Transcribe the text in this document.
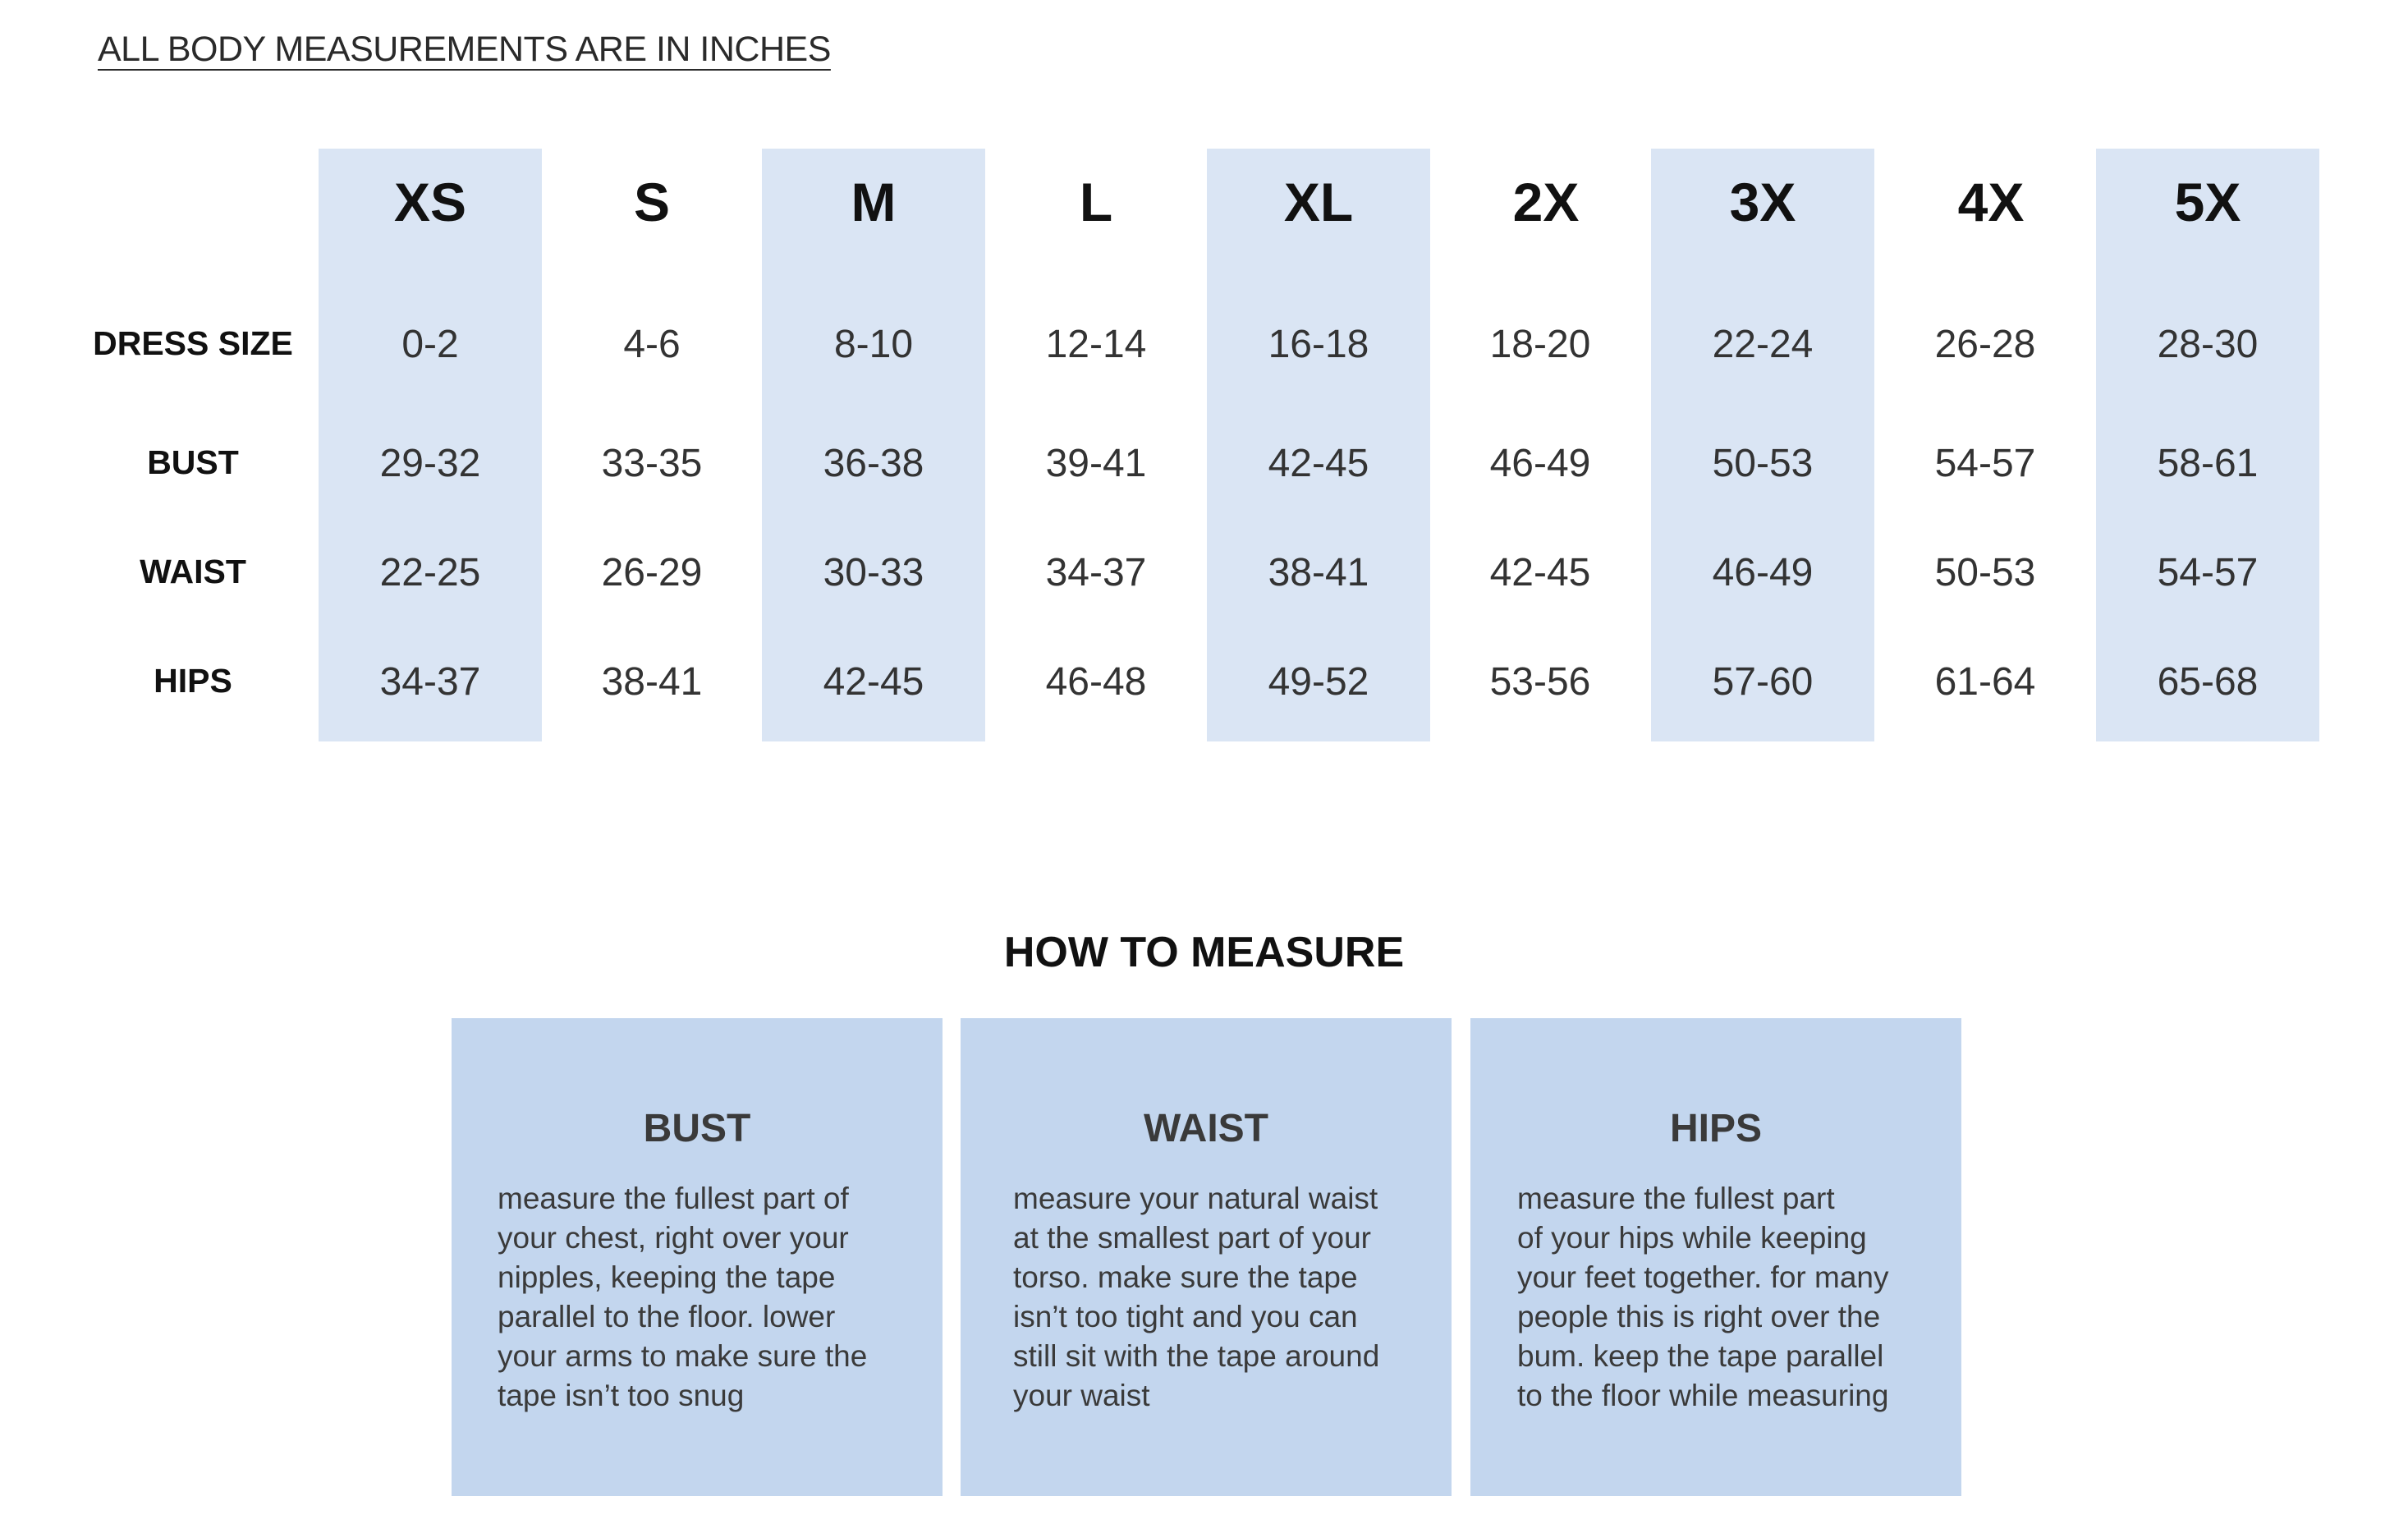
ALL BODY MEASUREMENTS ARE IN INCHES
DRESS SIZE
BUST
WAIST
HIPS
XS
0-2
29-32
22-25
34-37
S
4-6
33-35
26-29
38-41
M
8-10
36-38
30-33
42-45
L
12-14
39-41
34-37
46-48
XL
16-18
42-45
38-41
49-52
2X
18-20
46-49
42-45
53-56
3X
22-24
50-53
46-49
57-60
4X
26-28
54-57
50-53
61-64
5X
28-30
58-61
54-57
65-68
HOW TO MEASURE
BUST
measure the fullest part of
your chest, right over your
nipples, keeping the tape
parallel to the floor. lower
your arms to make sure the
tape isn’t too snug
WAIST
measure your natural waist
at the smallest part of your
torso. make sure the tape
isn’t too tight and you can
still sit with the tape around
your waist
HIPS
measure the fullest part
of your hips while keeping
your feet together. for many
people this is right over the
bum. keep the tape parallel
to the floor while measuring
